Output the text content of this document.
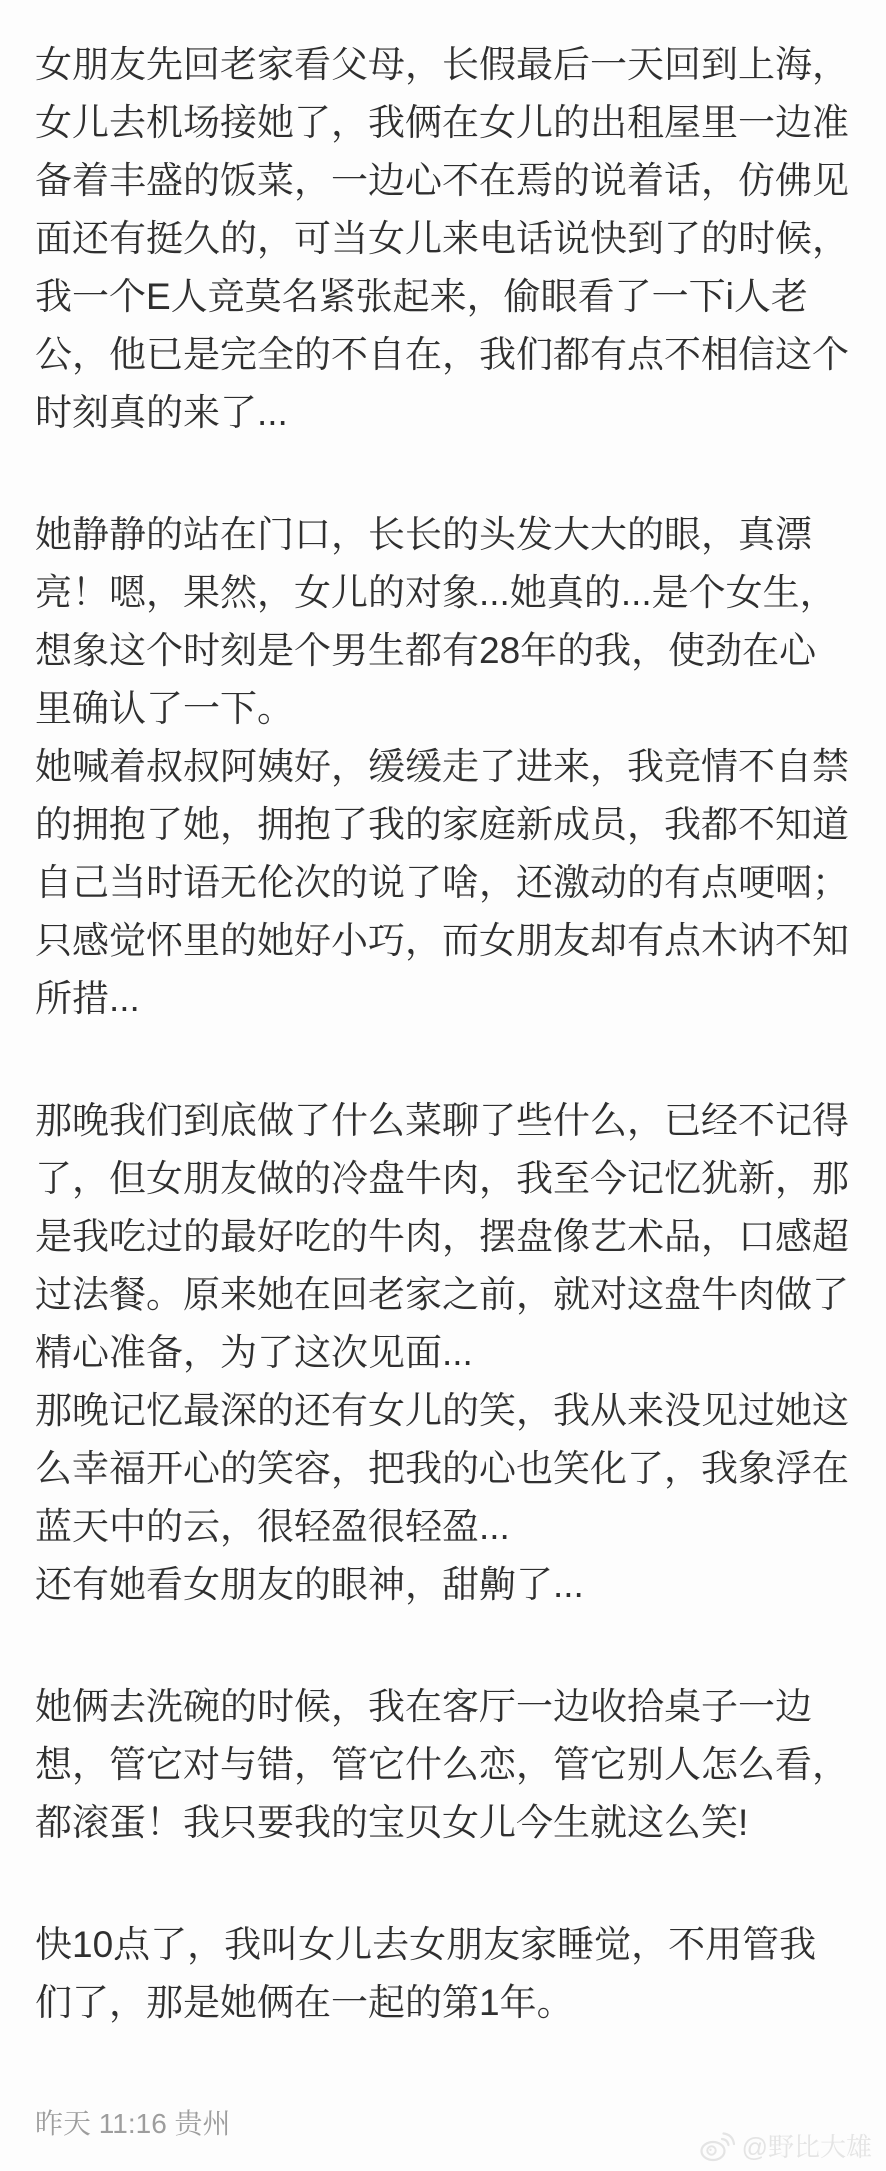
女朋友先回老家看父母，长假最后一天回到上海，女儿去机场接她了，我俩在女儿的出租屋里一边准备着丰盛的饭菜，一边心不在焉的说着话，仿佛见面还有挺久的，可当女儿来电话说快到了的时候，我一个E人竞莫名紧张起来，偷眼看了一下i人老公，他已是完全的不自在，我们都有点不相信这个时刻真的来了...

她静静的站在门口，长长的头发大大的眼，真漂亮！嗯，果然，女儿的对象...她真的...是个女生，想象这个时刻是个男生都有28年的我，使劲在心里确认了一下。

她喊着叔叔阿姨好，缓缓走了进来，我竞情不自禁的拥抱了她，拥抱了我的家庭新成员，我都不知道自己当时语无伦次的说了啥，还激动的有点哽咽；只感觉怀里的她好小巧，而女朋友却有点木讷不知所措...

那晚我们到底做了什么菜聊了些什么，已经不记得了，但女朋友做的冷盘牛肉，我至今记忆犹新，那是我吃过的最好吃的牛肉，摆盘像艺术品，口感超过法餐。原来她在回老家之前，就对这盘牛肉做了精心准备，为了这次见面...

那晚记忆最深的还有女儿的笑，我从来没见过她这么幸福开心的笑容，把我的心也笑化了，我象浮在蓝天中的云，很轻盈很轻盈...

还有她看女朋友的眼神，甜齁了...

她俩去洗碗的时候，我在客厅一边收拾桌子一边想，管它对与错，管它什么恋，管它别人怎么看，都滚蛋！我只要我的宝贝女儿今生就这么笑!

快10点了，我叫女儿去女朋友家睡觉，不用管我们了，那是她俩在一起的第1年。

昨天 11:16 贵州
@野比大雄
